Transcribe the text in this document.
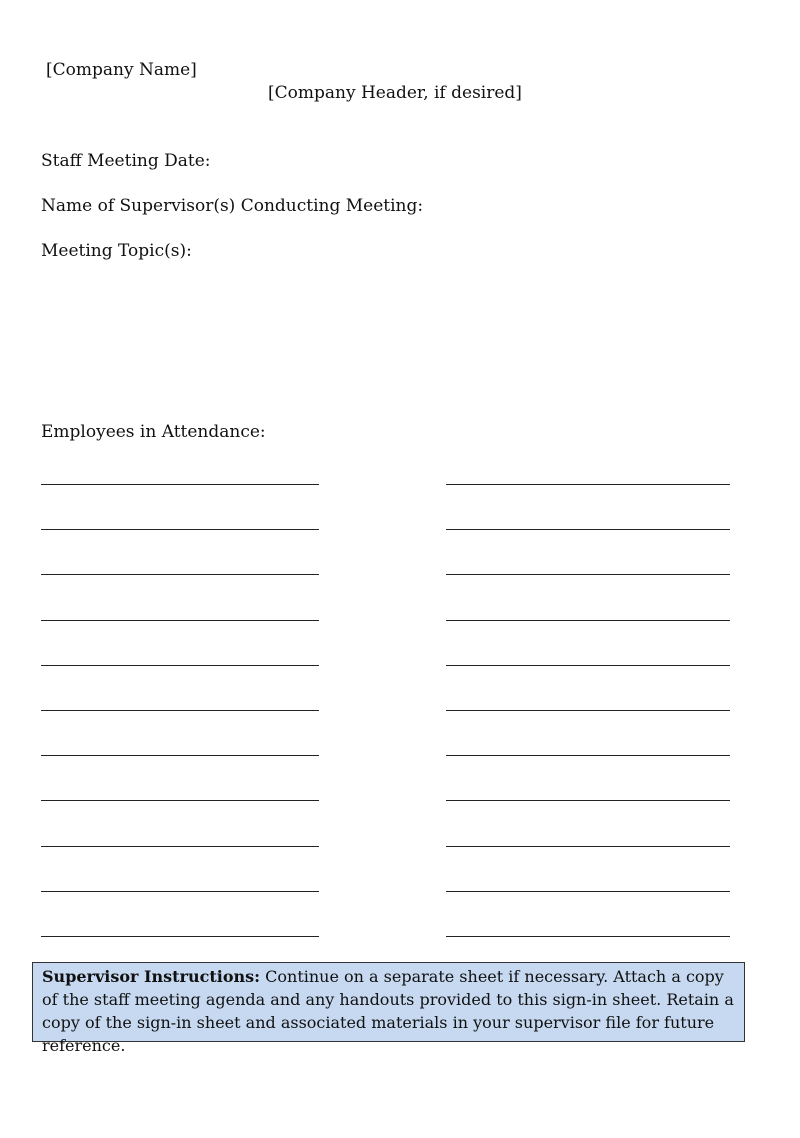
[Company Name]
[Company Header, if desired]
Staff Meeting Date:
Name of Supervisor(s) Conducting Meeting:
Meeting Topic(s):
Employees in Attendance:
Supervisor Instructions: Continue on a separate sheet if necessary. Attach a copy of the staff meeting agenda and any handouts provided to this sign-in sheet. Retain a copy of the sign-in sheet and associated materials in your supervisor file for future reference.
